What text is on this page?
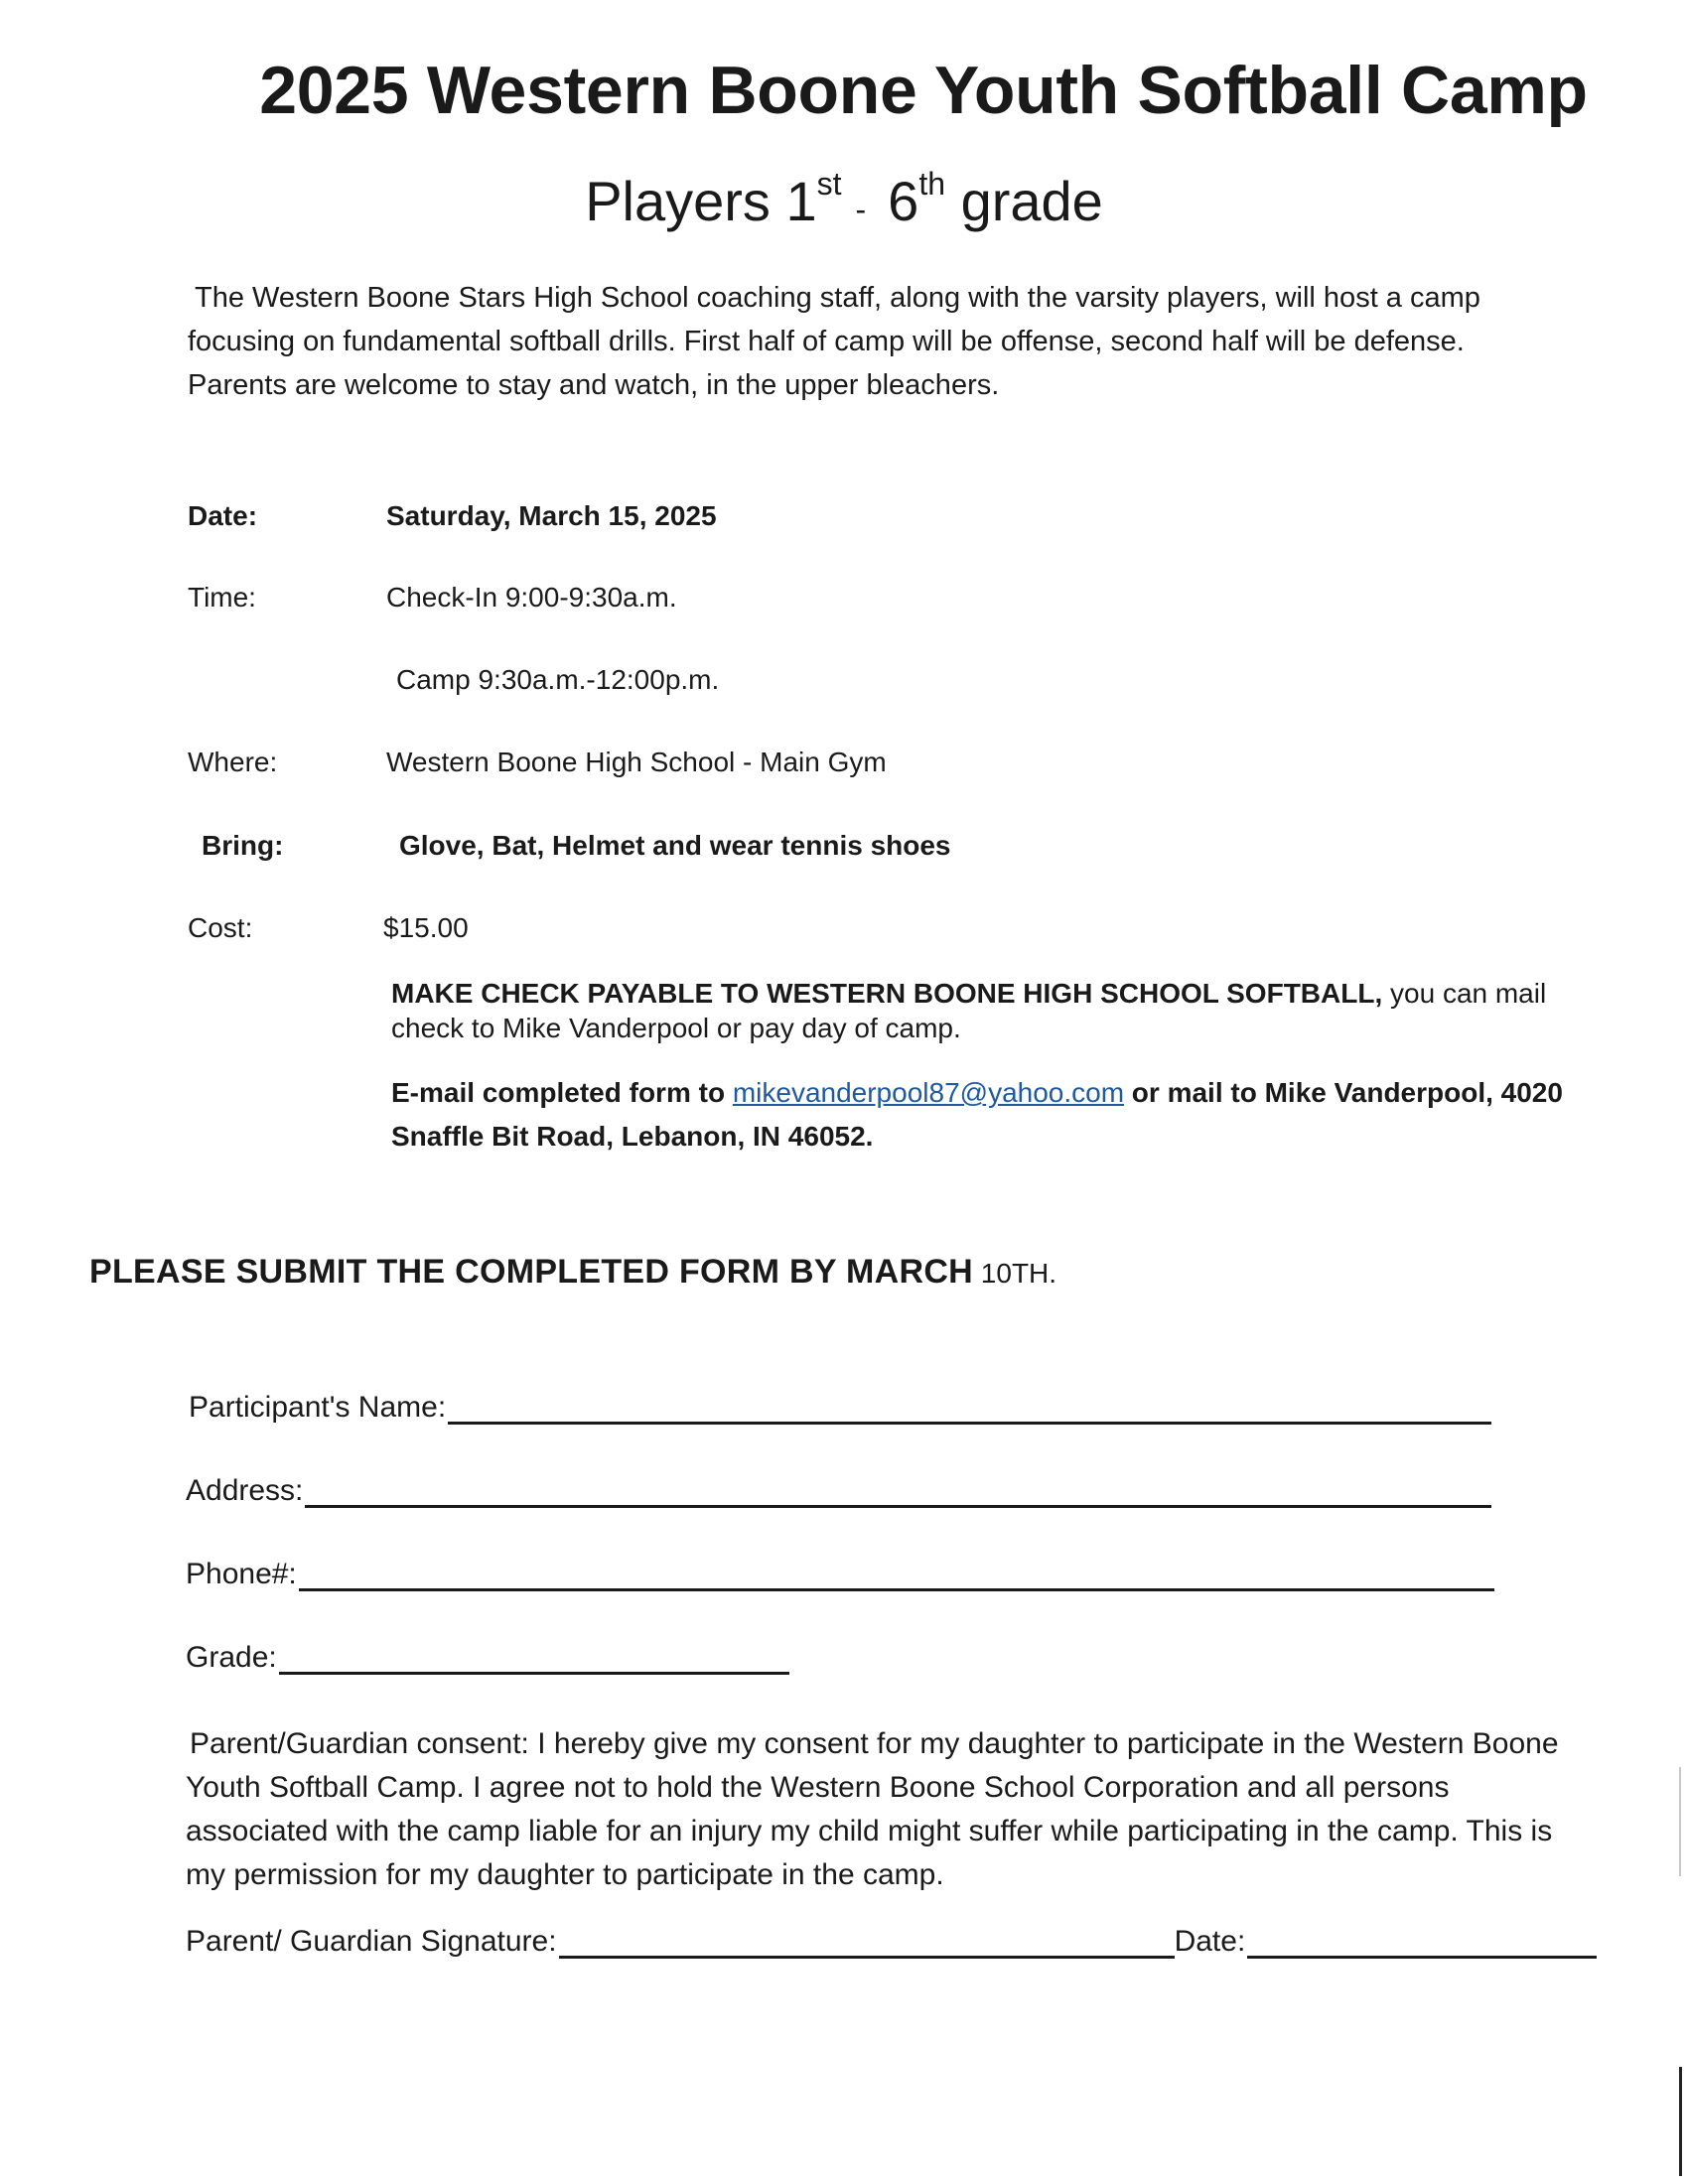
2025 Western Boone Youth Softball Camp
Players 1st- 6th grade

The Western Boone Stars High School coaching staff, along with the varsity players, will host a camp

focusing on fundamental softball drills. First half of camp will be offense, second half will be defense.

Parents are welcome to stay and watch, in the upper bleachers.

Date:	Saturday, March 15, 2025
Time:	Check-In 9:00-9:30a.m.
Camp 9:30a.m.-12:00p.m.
Where:	Western Boone High School - Main Gym
Bring:	Glove, Bat, Helmet and wear tennis shoes
Cost:	$15.00

MAKE CHECK PAYABLE TO WESTERN BOONE HIGH SCHOOL SOFTBALL, you can mail

check to Mike Vanderpool or pay day of camp.

E-mail completed form to mikevanderpool87@yahoo.com or mail to Mike Vanderpool, 4020

Snaffle Bit Road, Lebanon, IN 46052.

PLEASE SUBMIT THE COMPLETED FORM BY MARCH 10TH.
Participant's Name:
Address:
Phone#:
Grade:

Parent/Guardian consent: I hereby give my consent for my daughter to participate in the Western Boone

Youth Softball Camp. I agree not to hold the Western Boone School Corporation and all persons

associated with the camp liable for an injury my child might suffer while participating in the camp. This is

my permission for my daughter to participate in the camp.

Parent/ Guardian Signature:	Date:
